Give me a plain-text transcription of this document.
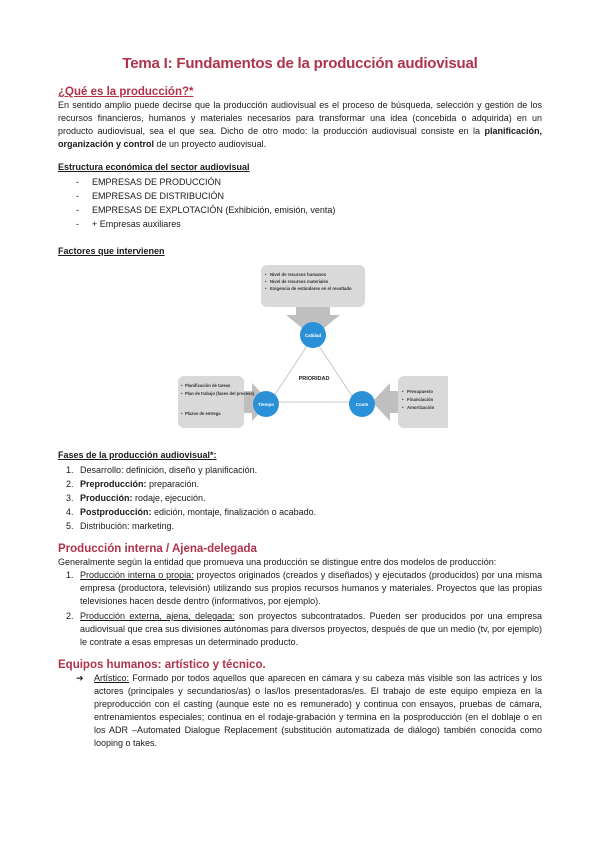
Tema I: Fundamentos de la producción audiovisual
¿Qué es la producción?*

En sentido amplio puede decirse que la producción audiovisual es el proceso de búsqueda, selección y gestión de los recursos financieros, humanos y materiales necesarios para transformar una idea (concebida o adquirida) en un producto audiovisual, sea el que sea. Dicho de otro modo: la producción audiovisual consiste en la planificación, organización y control de un proyecto audiovisual.

Estructura económica del sector audiovisual
- EMPRESAS DE PRODUCCIÓN
- EMPRESAS DE DISTRIBUCIÓN
- EMPRESAS DE EXPLOTACIÓN (Exhibición, emisión, venta)
- + Empresas auxiliares
Factores que intervienen
Calidad
Tiempo	Coste
PRIORIDAD
Nivel de recursos humanos Nivel de recursos materiales Exigencia de estándares en el resultado
• • •
Planificación de tareas Plan de trabajo (fases del proceso) Plazos de entrega
• • •
Presupuesto Financiación Amortización
• • •
Fases de la producción audiovisual*:
1. Desarrollo: definición, diseño y planificación.
2. Preproducción: preparación.
3. Producción: rodaje, ejecución.
4. Postproducción: edición, montaje, finalización o acabado.
5. Distribución: marketing.
Producción interna / Ajena-delegada

Generalmente según la entidad que promueva una producción se distingue entre dos modelos de producción:

1. Producción interna o propia: proyectos originados (creados y diseñados) y ejecutados (producidos) por una misma empresa (productora, televisión) utilizando sus propios recursos humanos y materiales. Proyectos que las propias televisiones hacen desde dentro (informativos, por ejemplo).
2. Producción externa, ajena, delegada: son proyectos subcontratados. Pueden ser producidos por una empresa audiovisual que crea sus divisiones autónomas para diversos proyectos, después de que un medio (tv, por ejemplo) le contrate a esas empresas un determinado producto.
Equipos humanos: artístico y técnico.
➔ Artístico: Formado por todos aquellos que aparecen en cámara y su cabeza más visible son las actrices y los actores (principales y secundarios/as) o las/los presentadoras/es. El trabajo de este equipo empieza en la preproducción con el casting (aunque este no es remunerado) y continua con ensayos, pruebas de cámara, entrenamientos especiales; continua en el rodaje-grabación y termina en la posproducción (en el doblaje o en los ADR –Automated Dialogue Replacement (substitución automatizada de diálogo) también conocida como looping o takes.
